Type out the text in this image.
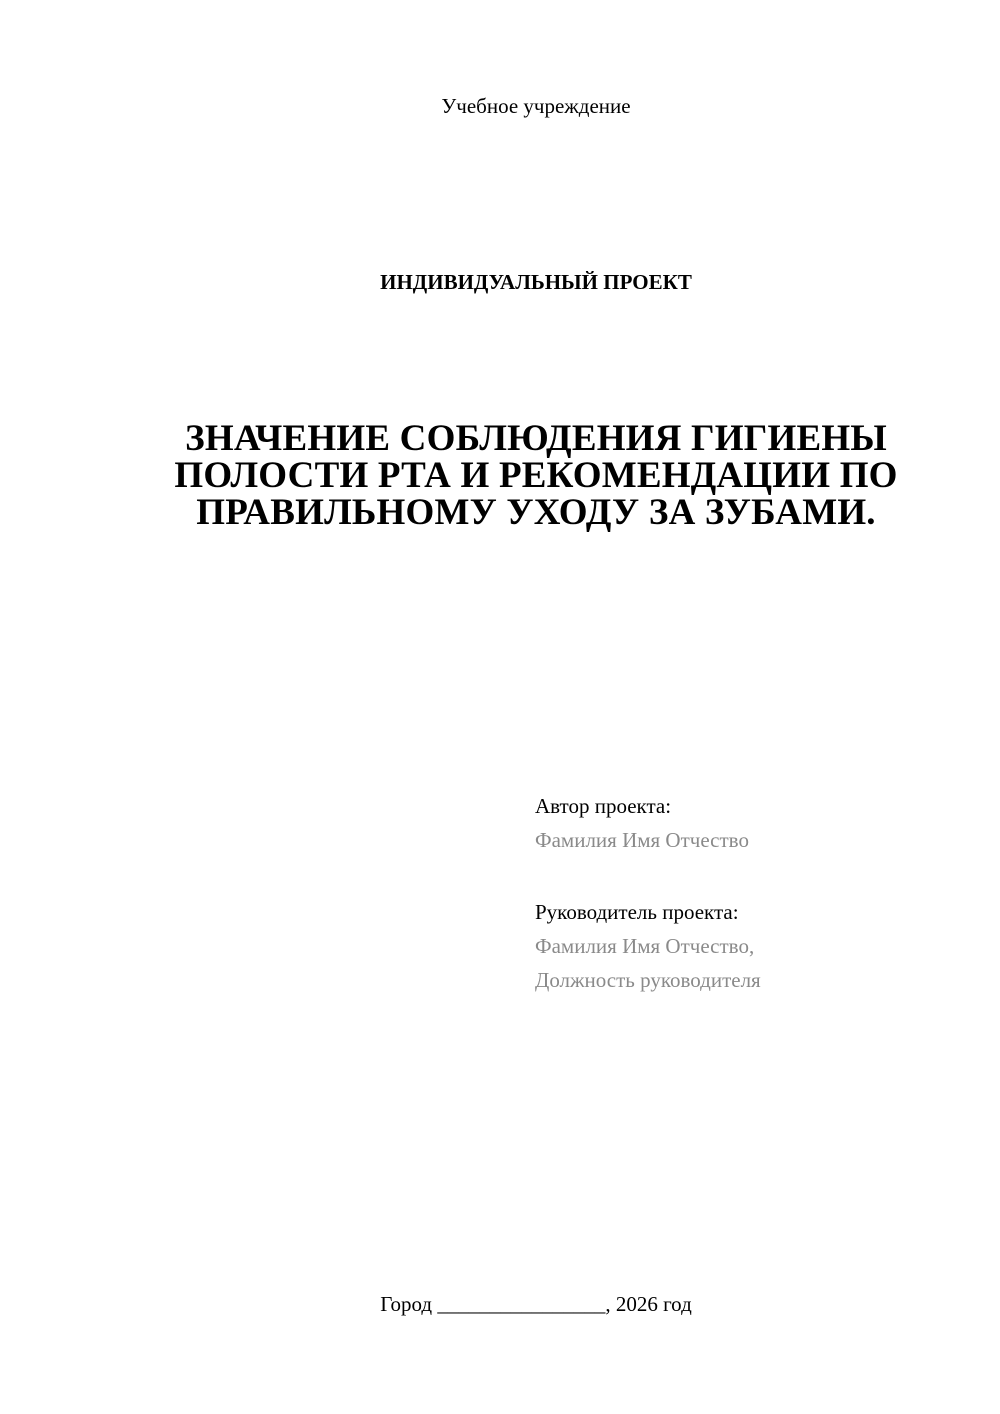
Учебное учреждение
ИНДИВИДУАЛЬНЫЙ ПРОЕКТ
ЗНАЧЕНИЕ СОБЛЮДЕНИЯ ГИГИЕНЫ
ПОЛОСТИ РТА И РЕКОМЕНДАЦИИ ПО
ПРАВИЛЬНОМУ УХОДУ ЗА ЗУБАМИ.
Автор проекта:
Фамилия Имя Отчество
Руководитель проекта:
Фамилия Имя Отчество,
Должность руководителя
Город ________________, 2026 год
